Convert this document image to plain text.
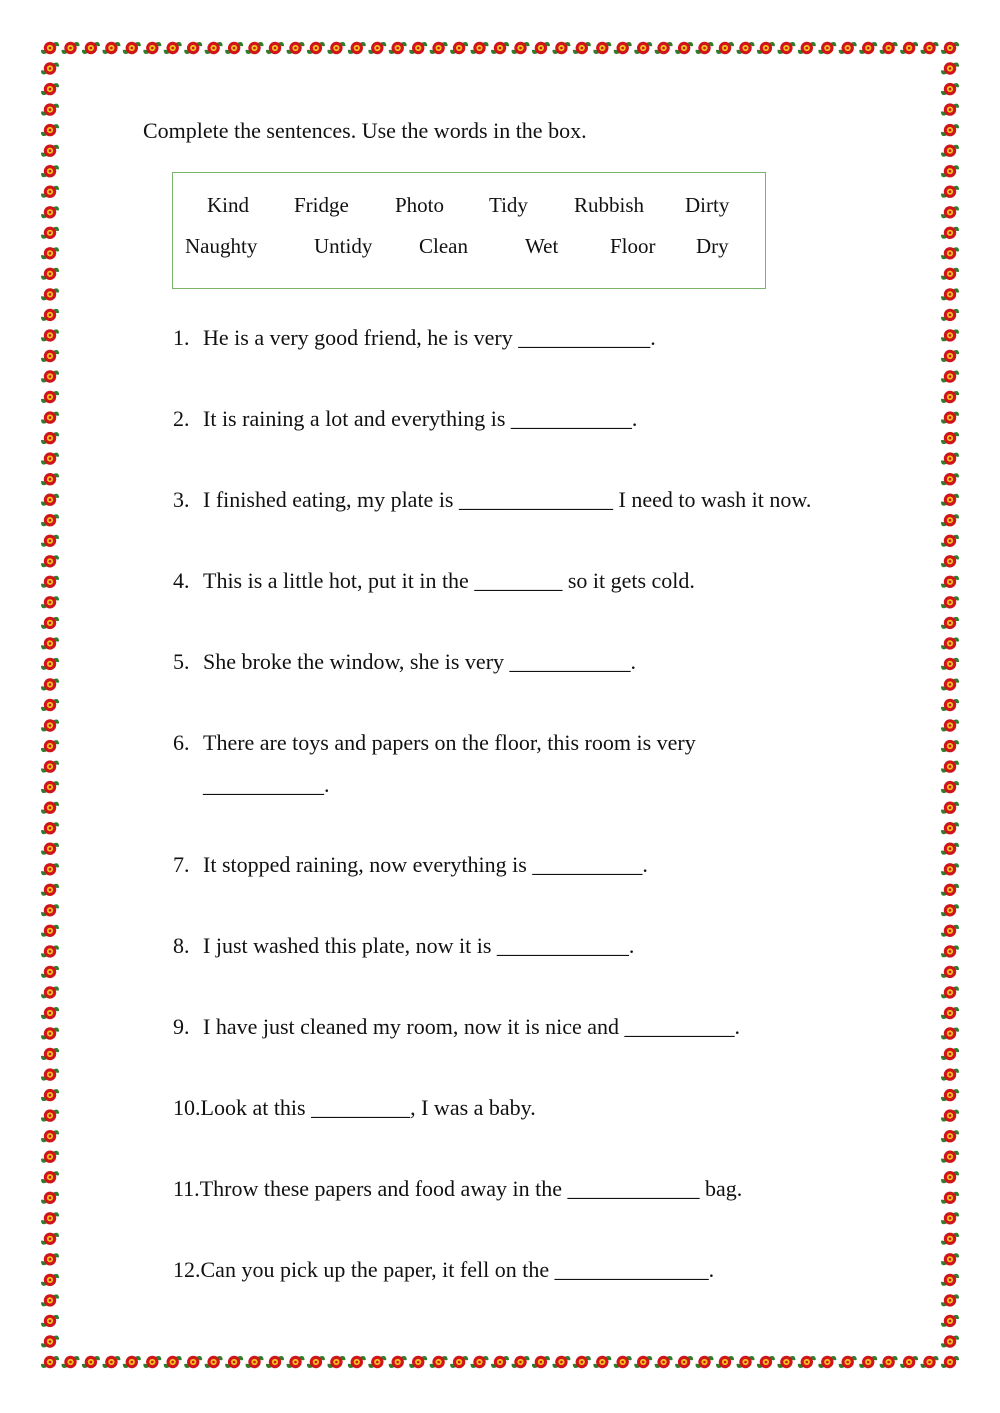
Complete the sentences. Use the words in the box.
Kind Fridge Photo Tidy Rubbish Dirty
Naughty	Untidy Clean	Wet Floor Dry
1. He is a very good friend, he is very ____________.
2. It is raining a lot and everything is ___________.
3. I finished eating, my plate is ______________ I need to wash it now.
4. This is a little hot, put it in the ________ so it gets cold.
5. She broke the window, she is very ___________.
6. There are toys and papers on the floor, this room is very
___________.
7. It stopped raining, now everything is __________.
8. I just washed this plate, now it is ____________.
9. I have just cleaned my room, now it is nice and __________.
10.Look at this _________, I was a baby.
11.Throw these papers and food away in the ____________ bag.
12.Can you pick up the paper, it fell on the ______________.
